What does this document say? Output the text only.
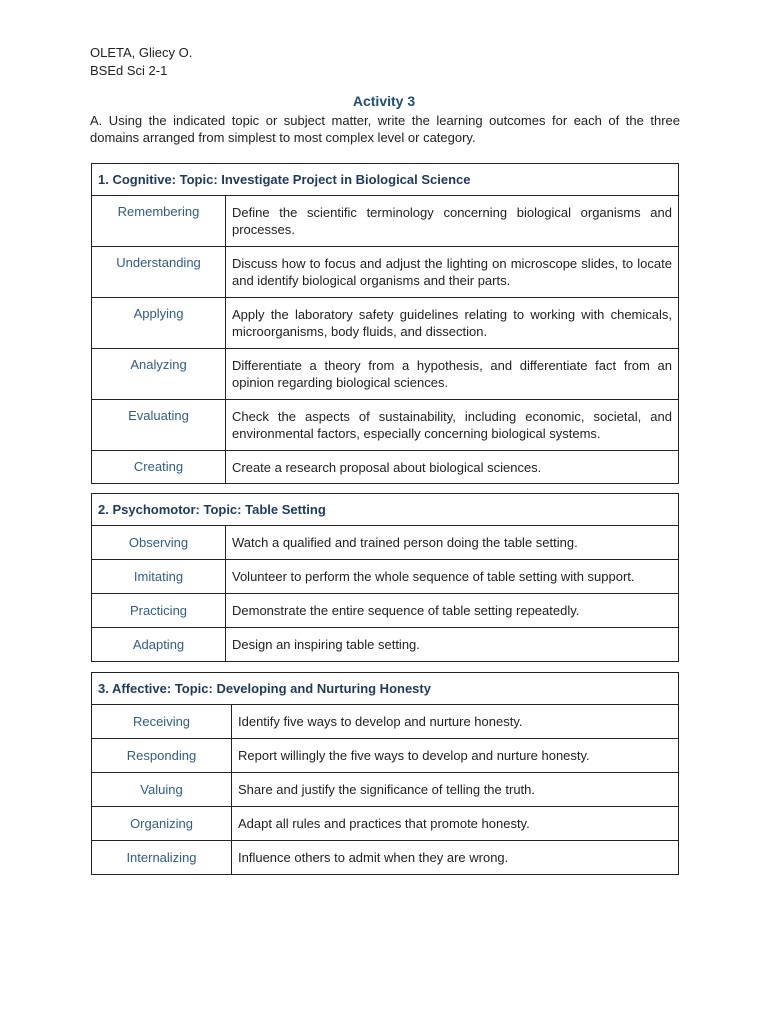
OLETA, Gliecy O.
BSEd Sci 2-1
Activity 3
A. Using the indicated topic or subject matter, write the learning outcomes for each of the three domains arranged from simplest to most complex level or category.
1. Cognitive: Topic: Investigate Project in Biological Science	
Remembering	Define the scientific terminology concerning biological organisms and processes.
Understanding	Discuss how to focus and adjust the lighting on microscope slides, to locate and identify biological organisms and their parts.
Applying	Apply the laboratory safety guidelines relating to working with chemicals, microorganisms, body fluids, and dissection.
Analyzing	Differentiate a theory from a hypothesis, and differentiate fact from an opinion regarding biological sciences.
Evaluating	Check the aspects of sustainability, including economic, societal, and environmental factors, especially concerning biological systems.
Creating	Create a research proposal about biological sciences.
2. Psychomotor: Topic: Table Setting	
Observing	Watch a qualified and trained person doing the table setting.
Imitating	Volunteer to perform the whole sequence of table setting with support.
Practicing	Demonstrate the entire sequence of table setting repeatedly.
Adapting	Design an inspiring table setting.
3. Affective: Topic: Developing and Nurturing Honesty	
Receiving	Identify five ways to develop and nurture honesty.
Responding	Report willingly the five ways to develop and nurture honesty.
Valuing	Share and justify the significance of telling the truth.
Organizing	Adapt all rules and practices that promote honesty.
Internalizing	Influence others to admit when they are wrong.
